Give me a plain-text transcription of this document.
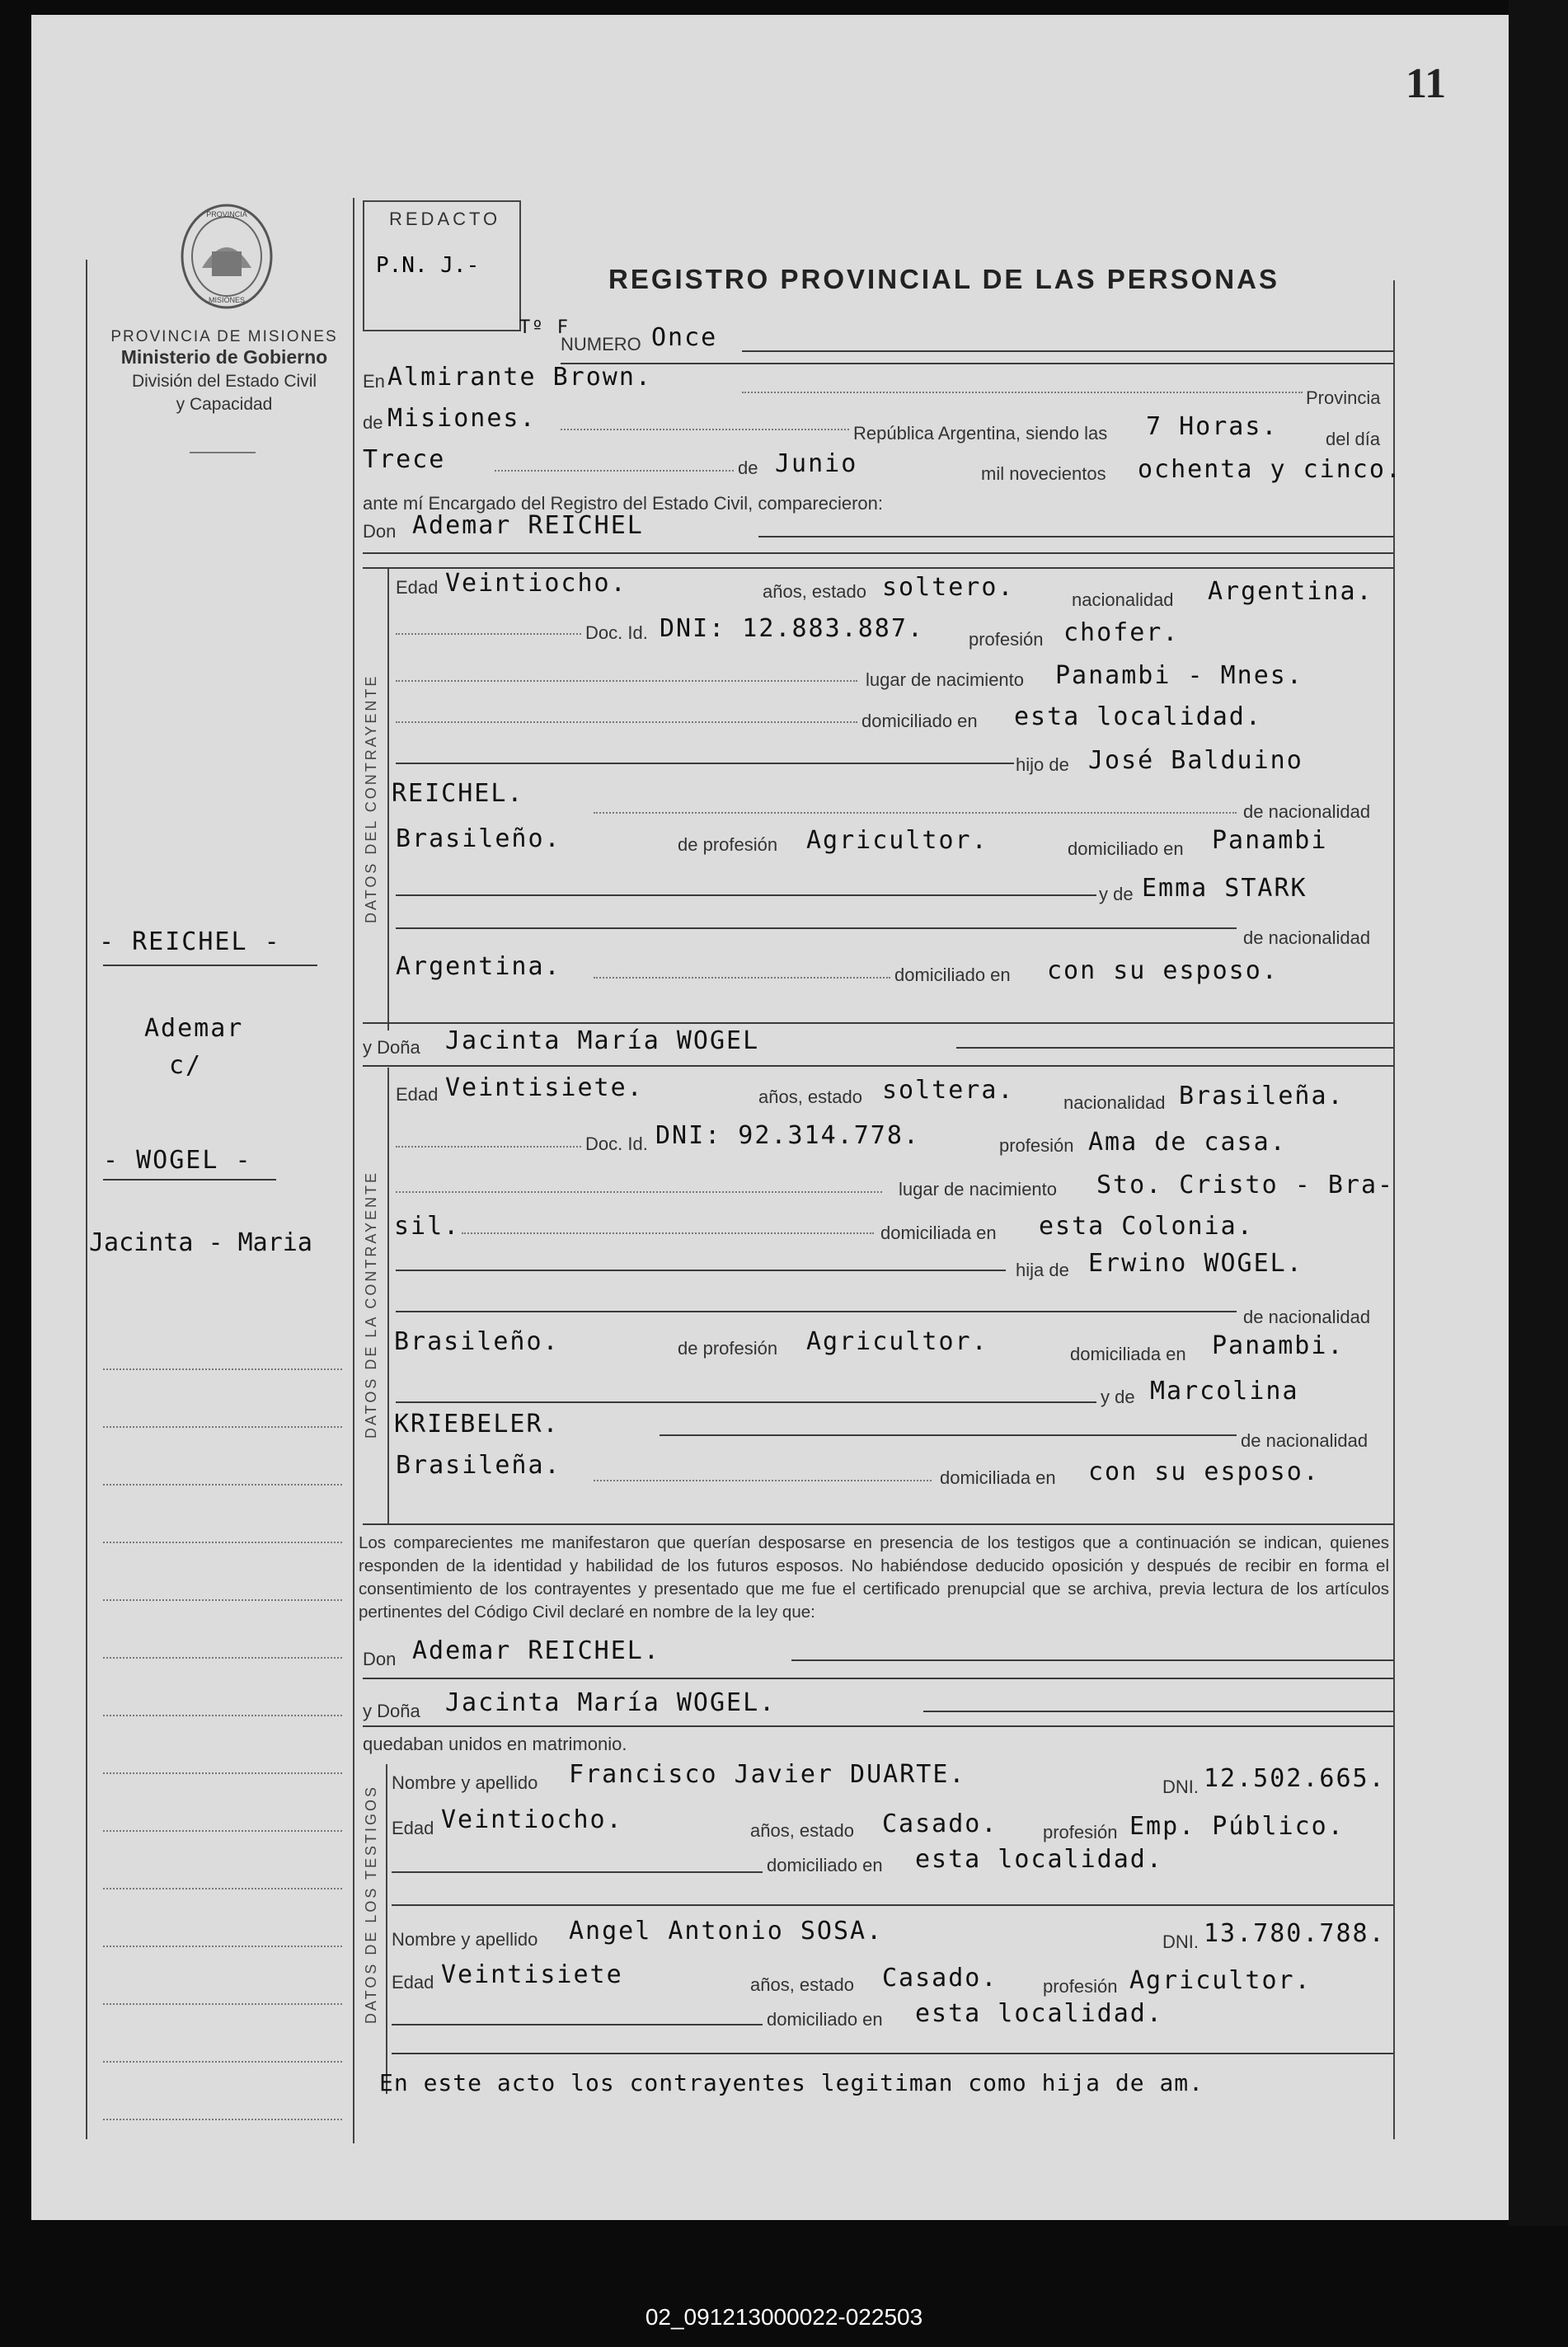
11
PROVINCIA
MISIONES
PROVINCIA DE MISIONES
Ministerio de Gobierno
División del Estado Civil
y Capacidad
REDACTO
P.N. J.-
Tº F
REGISTRO PROVINCIAL DE LAS PERSONAS
NUMERO Once
En Almirante Brown.
Provincia
de Misiones.
República Argentina, siendo las 7 Horas.	del día
Trece	de Junio	mil novecientos ochenta y cinco.
ante mí Encargado del Registro del Estado Civil, comparecieron:
Don Ademar REICHEL
DATOS DEL CONTRAYENTE
Edad Veintiocho.	años, estado soltero.	nacionalidad Argentina.
Doc. Id. DNI: 12.883.887. profesión chofer.
lugar de nacimiento Panambi - Mnes.
domiciliado en esta localidad.
hijo de José Balduino
REICHEL.
de nacionalidad
Brasileño.	de profesión Agricultor.	domiciliado en Panambi
y de Emma STARK
de nacionalidad
Argentina.	domiciliado en con su esposo.
y Doña Jacinta María WOGEL
DATOS DE LA CONTRAYENTE
Edad Veintisiete.	años, estado soltera.	nacionalidad Brasileña.
Doc. Id. DNI: 92.314.778.	profesión Ama de casa.
lugar de nacimiento Sto. Cristo - Bra-
sil.	domiciliada en esta Colonia.
hija de Erwino WOGEL.
de nacionalidad
Brasileño.	de profesión Agricultor.	domiciliada en Panambi.
y de Marcolina
KRIEBELER.
de nacionalidad
Brasileña.	domiciliada en con su esposo.
Los comparecientes me manifestaron que querían desposarse en presencia de los testigos que a continuación se indican, quienes responden de la identidad y habilidad de los futuros esposos. No habiéndose deducido oposición y después de recibir en forma el consentimiento de los contrayentes y presentado que me fue el certificado prenupcial que se archiva, previa lectura de los artículos pertinentes del Código Civil declaré en nombre de la ley que:
Don Ademar REICHEL.
y Doña Jacinta María WOGEL.
quedaban unidos en matrimonio.
DATOS DE LOS TESTIGOS
Nombre y apellido Francisco Javier DUARTE.	DNI. 12.502.665.
Edad Veintiocho.	años, estado Casado. profesión Emp. Público.
domiciliado en esta localidad.
Nombre y apellido Angel Antonio SOSA.	DNI. 13.780.788.
Edad Veintisiete	años, estado Casado. profesión Agricultor.
domiciliado en esta localidad.
En este acto los contrayentes legitiman como hija de am.
- REICHEL -
Ademar
c/
- WOGEL -
Jacinta - Maria
02_091213000022-022503
